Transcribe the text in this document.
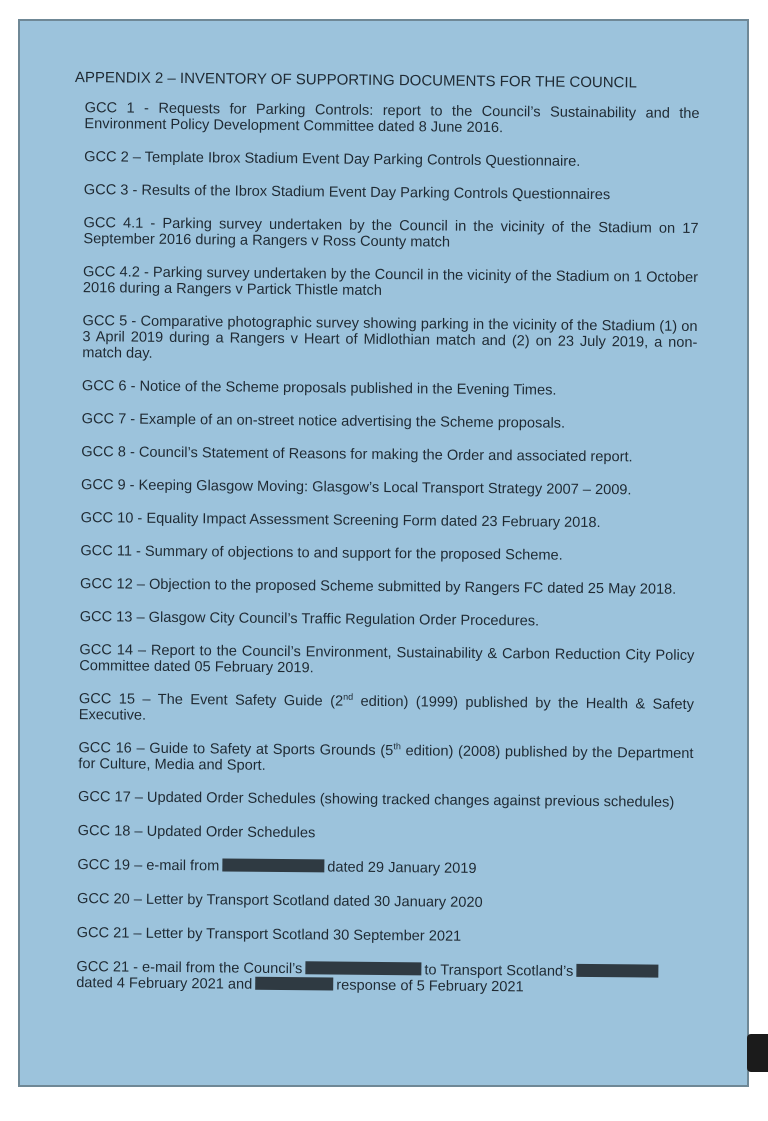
APPENDIX 2 – INVENTORY OF SUPPORTING DOCUMENTS FOR THE COUNCIL
GCC 1 - Requests for Parking Controls: report to the Council’s Sustainability and the Environment Policy Development Committee dated 8 June 2016.
GCC 2 – Template Ibrox Stadium Event Day Parking Controls Questionnaire.
GCC 3 - Results of the Ibrox Stadium Event Day Parking Controls Questionnaires
GCC 4.1 - Parking survey undertaken by the Council in the vicinity of the Stadium on 17 September 2016 during a Rangers v Ross County match
GCC 4.2 - Parking survey undertaken by the Council in the vicinity of the Stadium on 1 October 2016 during a Rangers v Partick Thistle match
GCC 5 - Comparative photographic survey showing parking in the vicinity of the Stadium (1) on 3 April 2019 during a Rangers v Heart of Midlothian match and (2) on 23 July 2019, a non-match day.
GCC 6 - Notice of the Scheme proposals published in the Evening Times.
GCC 7 - Example of an on-street notice advertising the Scheme proposals.
GCC 8 - Council’s Statement of Reasons for making the Order and associated report.
GCC 9 - Keeping Glasgow Moving: Glasgow’s Local Transport Strategy 2007 – 2009.
GCC 10 - Equality Impact Assessment Screening Form dated 23 February 2018.
GCC 11 - Summary of objections to and support for the proposed Scheme.
GCC 12 – Objection to the proposed Scheme submitted by Rangers FC dated 25 May 2018.
GCC 13 – Glasgow City Council’s Traffic Regulation Order Procedures.
GCC 14 – Report to the Council’s Environment, Sustainability & Carbon Reduction City Policy Committee dated 05 February 2019.
GCC 15 – The Event Safety Guide (2nd edition) (1999) published by the Health & Safety Executive.
GCC 16 – Guide to Safety at Sports Grounds (5th edition) (2008) published by the Department for Culture, Media and Sport.
GCC 17 – Updated Order Schedules (showing tracked changes against previous schedules)
GCC 18 – Updated Order Schedules
GCC 19 – e-mail from	dated 29 January 2019
GCC 20 – Letter by Transport Scotland dated 30 January 2020
GCC 21 – Letter by Transport Scotland 30 September 2021
GCC 21 - e-mail from the Council’s	to Transport Scotland’s
dated 4 February 2021 and	response of 5 February 2021
